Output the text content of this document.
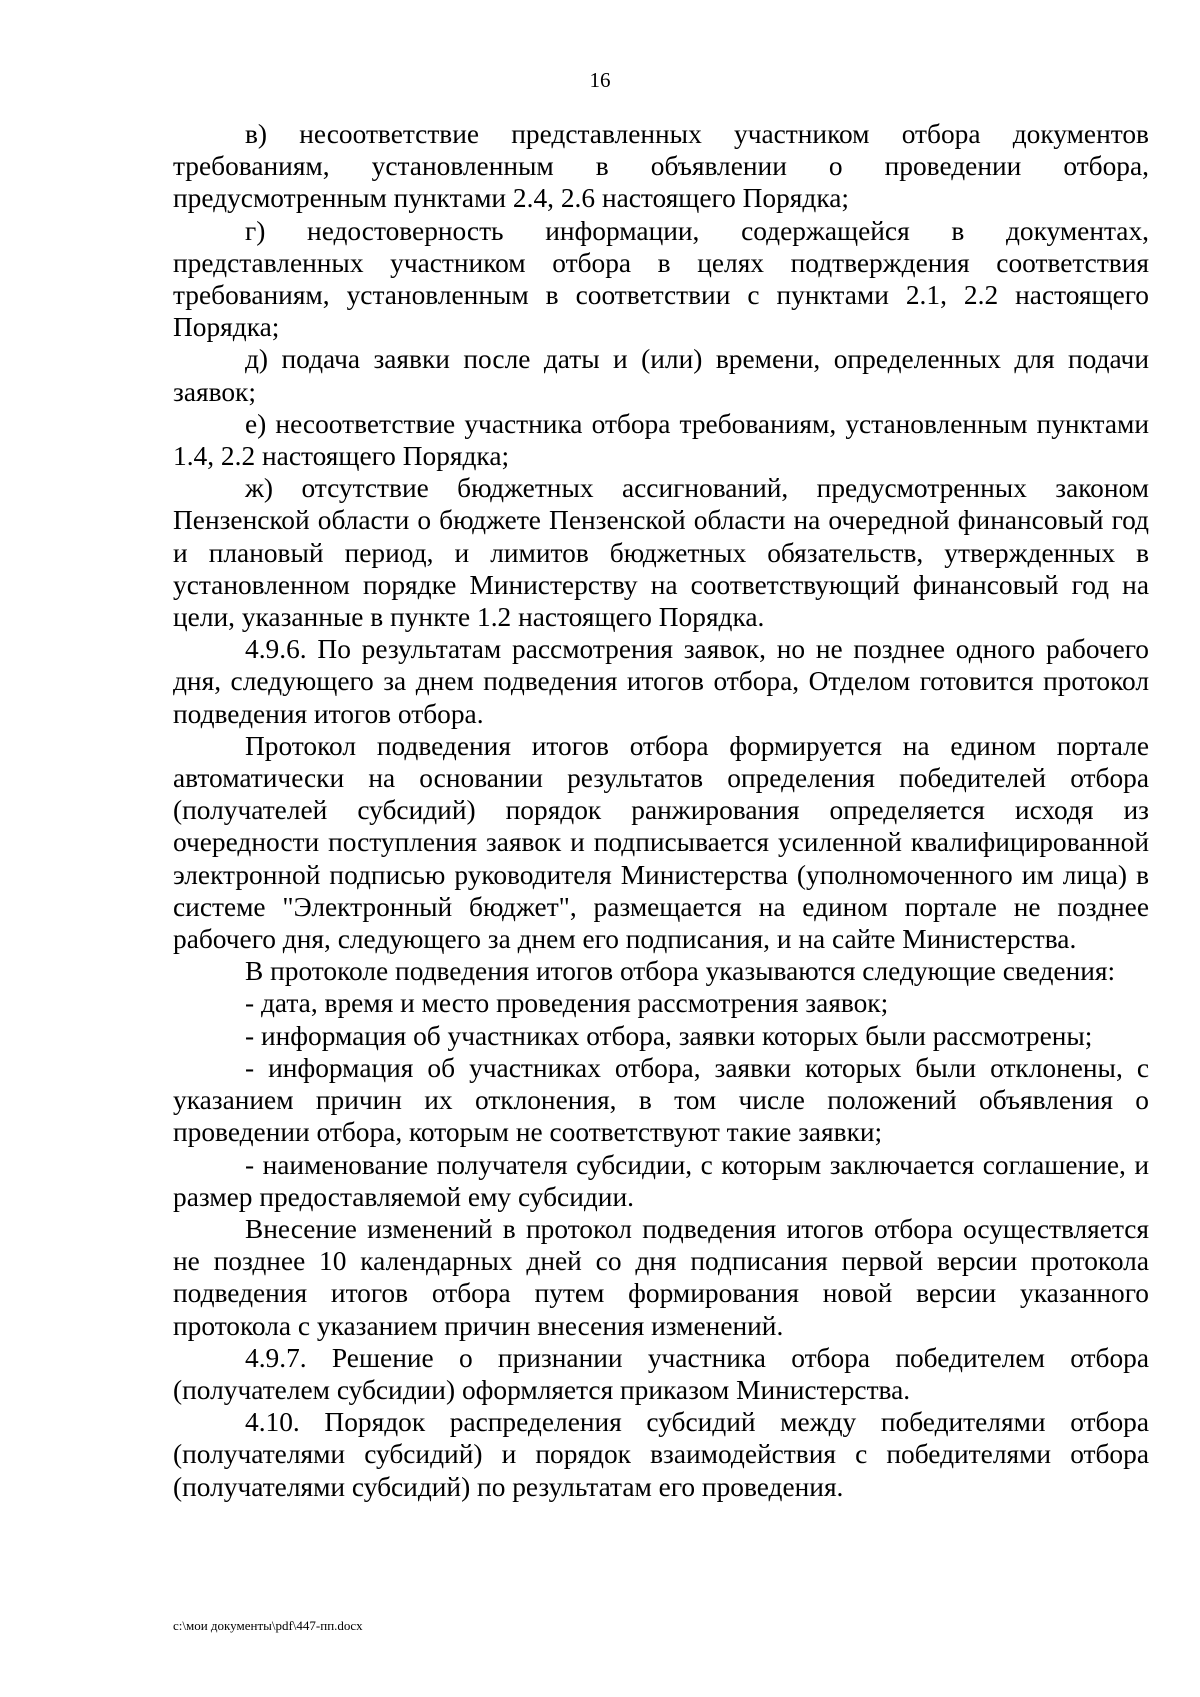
16

в) несоответствие представленных участником отбора документов требованиям, установленным в объявлении о проведении отбора, предусмотренным пунктами 2.4, 2.6 настоящего Порядка;

г) недостоверность информации, содержащейся в документах, представленных участником отбора в целях подтверждения соответствия требованиям, установленным в соответствии с пунктами 2.1, 2.2 настоящего Порядка;

д) подача заявки после даты и (или) времени, определенных для подачи заявок;

е) несоответствие участника отбора требованиям, установленным пунктами 1.4, 2.2 настоящего Порядка;

ж) отсутствие бюджетных ассигнований, предусмотренных законом Пензенской области о бюджете Пензенской области на очередной финансовый год и плановый период, и лимитов бюджетных обязательств, утвержденных в установленном порядке Министерству на соответствующий финансовый год на цели, указанные в пункте 1.2 настоящего Порядка.

4.9.6. По результатам рассмотрения заявок, но не позднее одного рабочего дня, следующего за днем подведения итогов отбора, Отделом готовится протокол подведения итогов отбора.

Протокол подведения итогов отбора формируется на едином портале автоматически на основании результатов определения победителей отбора (получателей субсидий) порядок ранжирования определяется исходя из очередности поступления заявок и подписывается усиленной квалифицированной электронной подписью руководителя Министерства (уполномоченного им лица) в системе "Электронный бюджет", размещается на едином портале не позднее рабочего дня, следующего за днем его подписания, и на сайте Министерства.

В протоколе подведения итогов отбора указываются следующие сведения:

- дата, время и место проведения рассмотрения заявок;

- информация об участниках отбора, заявки которых были рассмотрены;

- информация об участниках отбора, заявки которых были отклонены, с указанием причин их отклонения, в том числе положений объявления о проведении отбора, которым не соответствуют такие заявки;

- наименование получателя субсидии, с которым заключается соглашение, и размер предоставляемой ему субсидии.

Внесение изменений в протокол подведения итогов отбора осуществляется не позднее 10 календарных дней со дня подписания первой версии протокола подведения итогов отбора путем формирования новой версии указанного протокола с указанием причин внесения изменений.

4.9.7. Решение о признании участника отбора победителем отбора (получателем субсидии) оформляется приказом Министерства.

4.10. Порядок распределения субсидий между победителями отбора (получателями субсидий) и порядок взаимодействия с победителями отбора (получателями субсидий) по результатам его проведения.

c:\мои документы\pdf\447-пп.docx
